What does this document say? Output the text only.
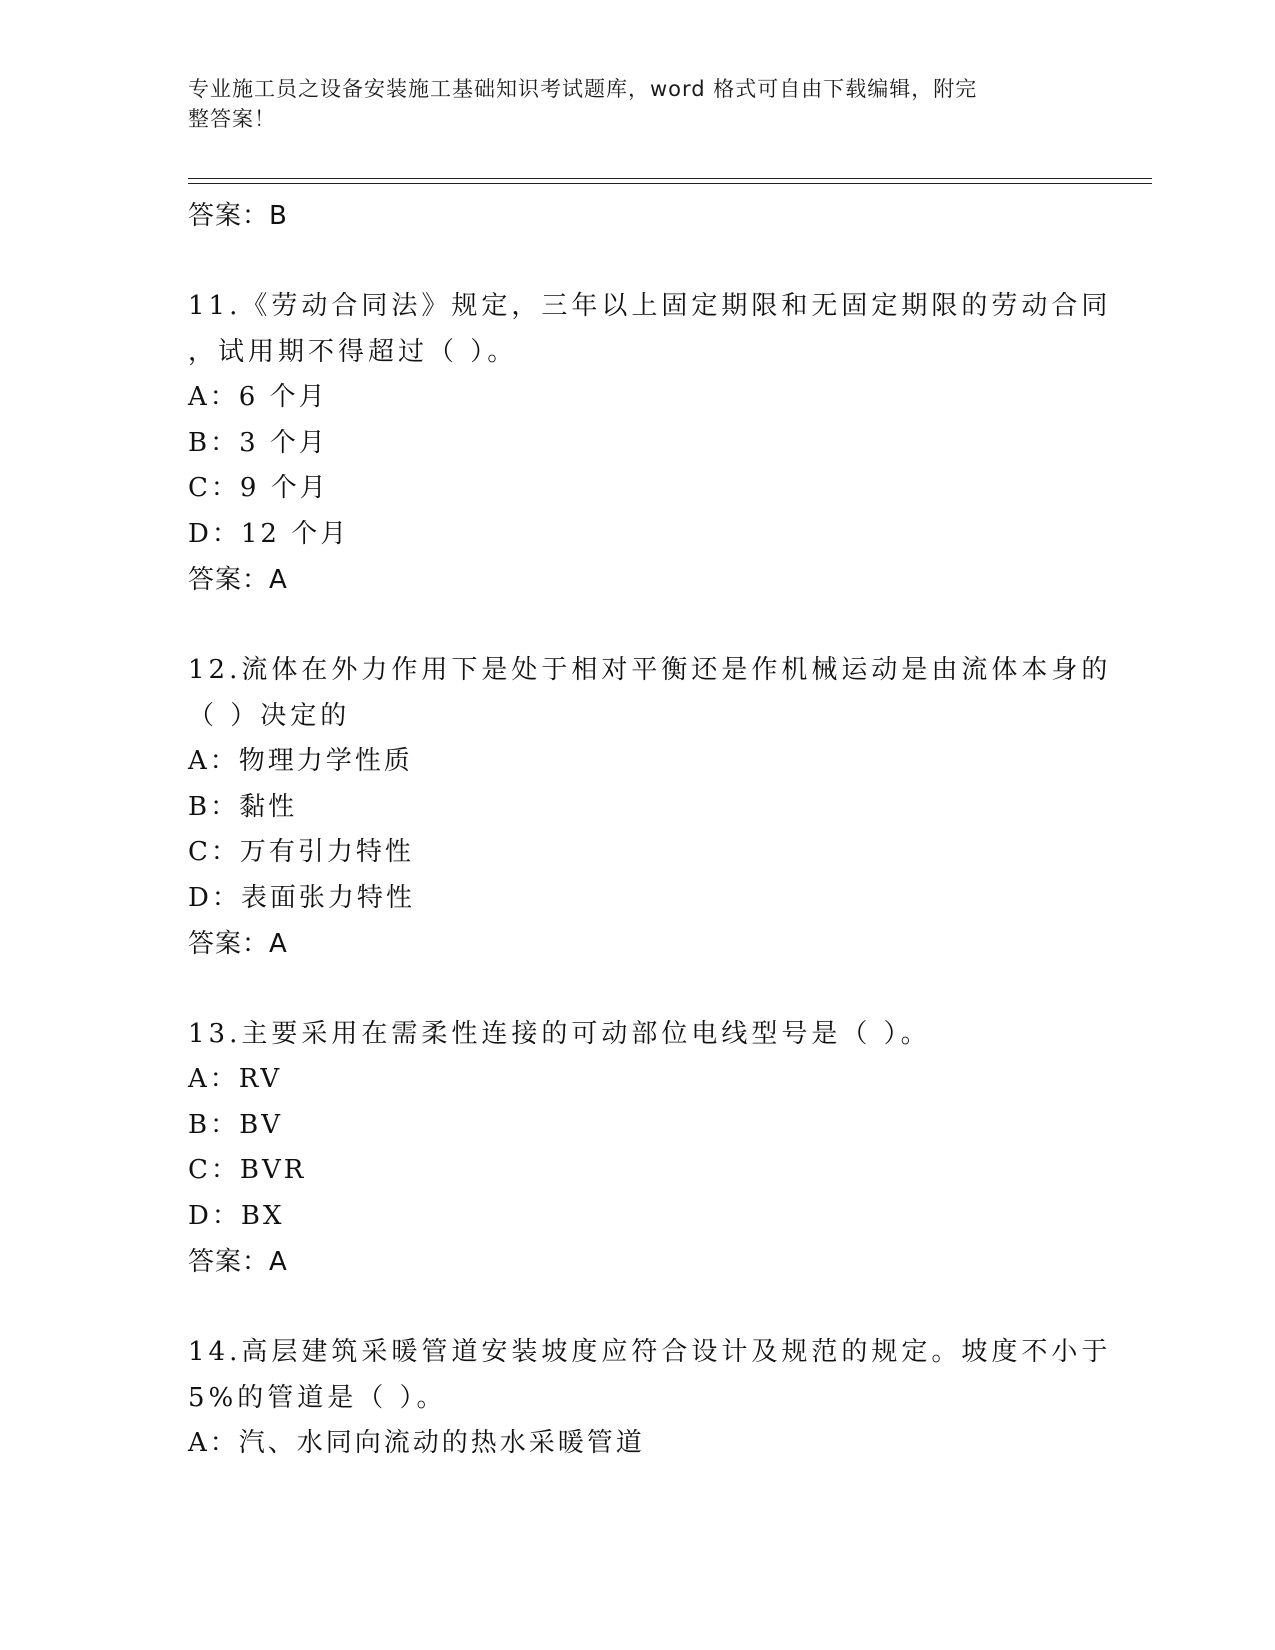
专业施工员之设备安装施工基础知识考试题库，word 格式可自由下载编辑，附完
整答案！
答案：B
11.《劳动合同法》规定，三年以上固定期限和无固定期限的劳动合同
，试用期不得超过（ ）。
A：6 个月
B：3 个月
C：9 个月
D：12 个月
答案：A
12.流体在外力作用下是处于相对平衡还是作机械运动是由流体本身的
（ ）决定的
A：物理力学性质
B：黏性
C：万有引力特性
D：表面张力特性
答案：A
13.主要采用在需柔性连接的可动部位电线型号是（ ）。
A：RV
B：BV
C：BVR
D：BX
答案：A
14.高层建筑采暖管道安装坡度应符合设计及规范的规定。坡度不小于
5%的管道是（ ）。
A：汽、水同向流动的热水采暖管道
